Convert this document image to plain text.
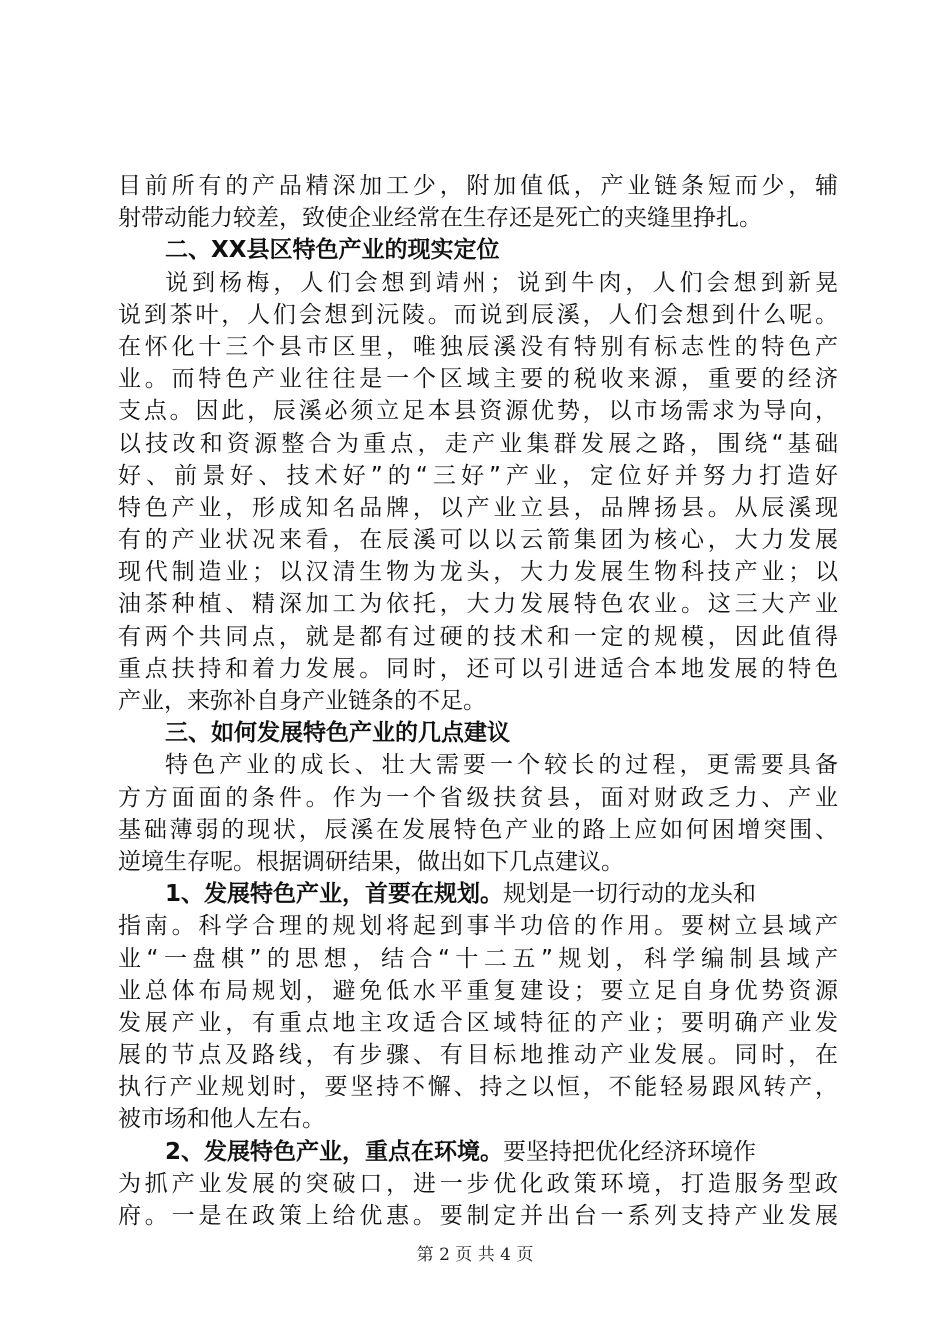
目前所有的产品精深加工少，附加值低，产业链条短而少，辅
射带动能力较差，致使企业经常在生存还是死亡的夹缝里挣扎。
二、XX县区特色产业的现实定位
说到杨梅，人们会想到靖州；说到牛肉，人们会想到新晃
说到茶叶，人们会想到沅陵。而说到辰溪，人们会想到什么呢。
在怀化十三个县市区里，唯独辰溪没有特别有标志性的特色产
业。而特色产业往往是一个区域主要的税收来源，重要的经济
支点。因此，辰溪必须立足本县资源优势，以市场需求为导向，
以技改和资源整合为重点，走产业集群发展之路，围绕“基础
好、前景好、技术好”的“三好”产业，定位好并努力打造好
特色产业，形成知名品牌，以产业立县，品牌扬县。从辰溪现
有的产业状况来看，在辰溪可以以云箭集团为核心，大力发展
现代制造业；以汉清生物为龙头，大力发展生物科技产业；以
油茶种植、精深加工为依托，大力发展特色农业。这三大产业
有两个共同点，就是都有过硬的技术和一定的规模，因此值得
重点扶持和着力发展。同时，还可以引进适合本地发展的特色
产业，来弥补自身产业链条的不足。
三、如何发展特色产业的几点建议
特色产业的成长、壮大需要一个较长的过程，更需要具备
方方面面的条件。作为一个省级扶贫县，面对财政乏力、产业
基础薄弱的现状，辰溪在发展特色产业的路上应如何困增突围、
逆境生存呢。根据调研结果，做出如下几点建议。
1、发展特色产业，首要在规划。规划是一切行动的龙头和
指南。科学合理的规划将起到事半功倍的作用。要树立县域产
业“一盘棋”的思想，结合“十二五”规划，科学编制县域产
业总体布局规划，避免低水平重复建设；要立足自身优势资源
发展产业，有重点地主攻适合区域特征的产业；要明确产业发
展的节点及路线，有步骤、有目标地推动产业发展。同时，在
执行产业规划时，要坚持不懈、持之以恒，不能轻易跟风转产，
被市场和他人左右。
2、发展特色产业，重点在环境。要坚持把优化经济环境作
为抓产业发展的突破口，进一步优化政策环境，打造服务型政
府。一是在政策上给优惠。要制定并出台一系列支持产业发展
第 2 页 共 4 页
